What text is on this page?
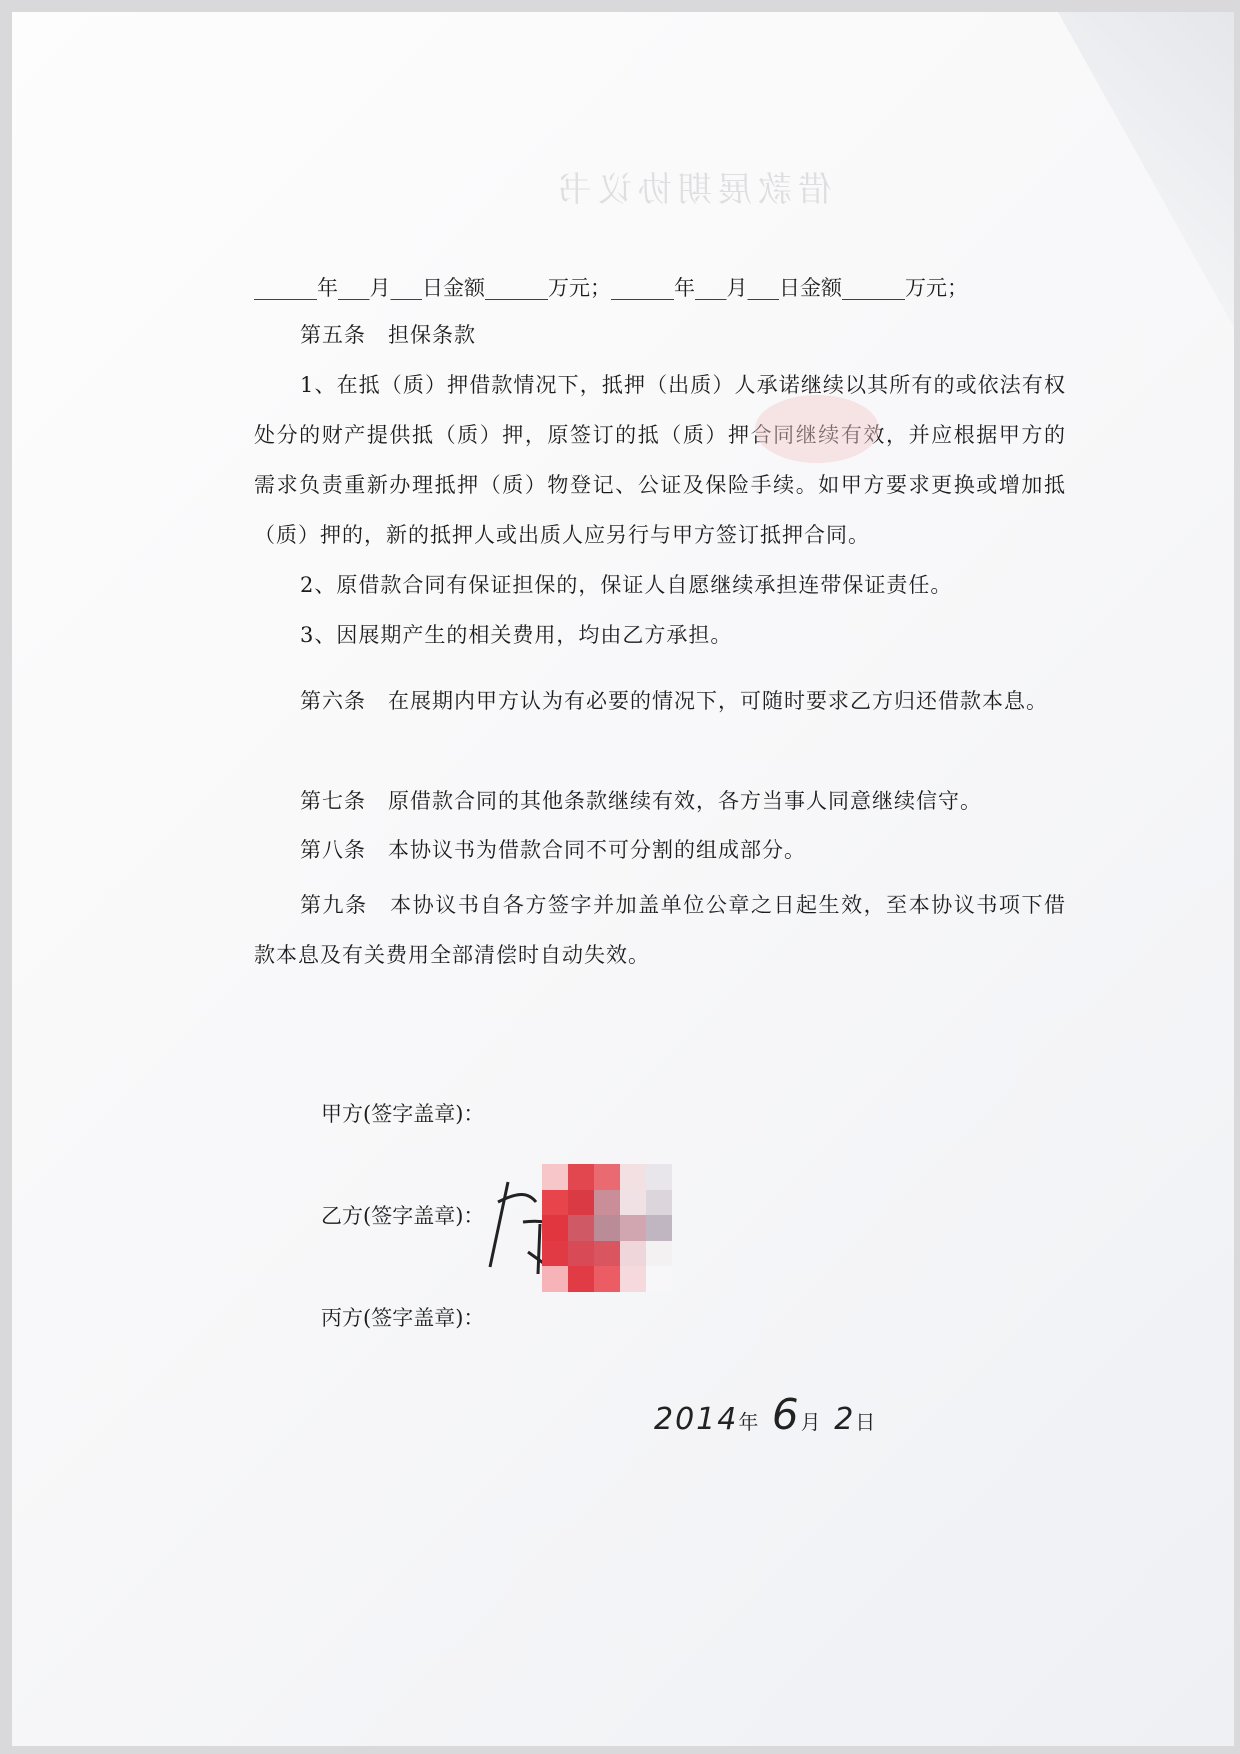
借款展期协议书
______年___月___日金额______万元；______年___月___日金额______万元；
第五条　担保条款
1、在抵（质）押借款情况下，抵押（出质）人承诺继续以其所有的或依法有权处分的财产提供抵（质）押，原签订的抵（质）押合同继续有效，并应根据甲方的需求负责重新办理抵押（质）物登记、公证及保险手续。如甲方要求更换或增加抵（质）押的，新的抵押人或出质人应另行与甲方签订抵押合同。
2、原借款合同有保证担保的，保证人自愿继续承担连带保证责任。
3、因展期产生的相关费用，均由乙方承担。
第六条　在展期内甲方认为有必要的情况下，可随时要求乙方归还借款本息。
第七条　原借款合同的其他条款继续有效，各方当事人同意继续信守。
第八条　本协议书为借款合同不可分割的组成部分。
第九条　本协议书自各方签字并加盖单位公章之日起生效，至本协议书项下借款本息及有关费用全部清偿时自动失效。
甲方(签字盖章)：
乙方(签字盖章)：
丙方(签字盖章)：
2014年 6月 2日
